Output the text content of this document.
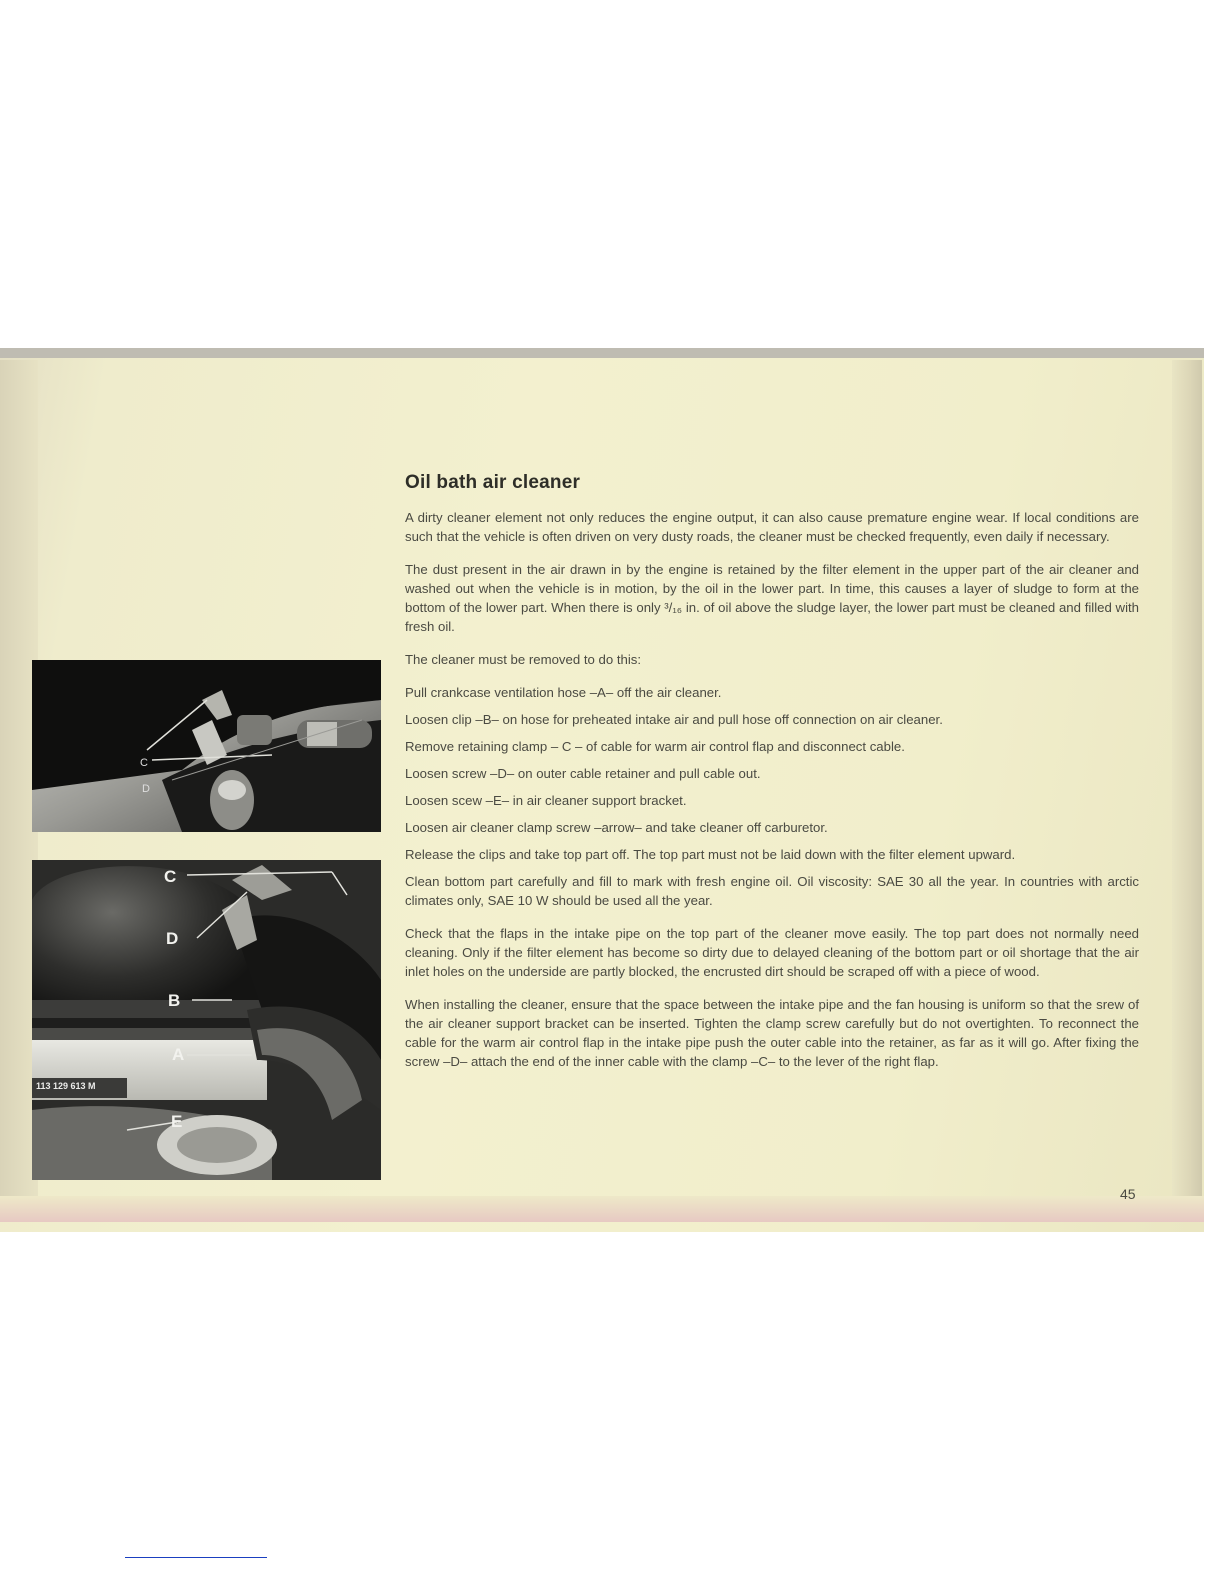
C
D
C
D
B
A
E
113 129 613 M
Oil bath air cleaner

A dirty cleaner element not only reduces the engine output, it can also cause premature engine wear. If local conditions are such that the vehicle is often driven on very dusty roads, the cleaner must be checked frequently, even daily if necessary.

The dust present in the air drawn in by the engine is retained by the filter element in the upper part of the air cleaner and washed out when the vehicle is in motion, by the oil in the lower part. In time, this causes a layer of sludge to form at the bottom of the lower part. When there is only ³/₁₆ in. of oil above the sludge layer, the lower part must be cleaned and filled with fresh oil.

The cleaner must be removed to do this:

Pull crankcase ventilation hose –A– off the air cleaner.

Loosen clip –B– on hose for preheated intake air and pull hose off connection on air cleaner.

Remove retaining clamp – C – of cable for warm air control flap and disconnect cable.

Loosen screw –D– on outer cable retainer and pull cable out.

Loosen scew –E– in air cleaner support bracket.

Loosen air cleaner clamp screw –arrow– and take cleaner off carburetor.

Release the clips and take top part off. The top part must not be laid down with the filter element upward.

Clean bottom part carefully and fill to mark with fresh engine oil. Oil viscosity: SAE 30 all the year. In countries with arctic climates only, SAE 10 W should be used all the year.

Check that the flaps in the intake pipe on the top part of the cleaner move easily. The top part does not normally need cleaning. Only if the filter element has become so dirty due to delayed cleaning of the bottom part or oil shortage that the air inlet holes on the underside are partly blocked, the encrusted dirt should be scraped off with a piece of wood.

When installing the cleaner, ensure that the space between the intake pipe and the fan housing is uniform so that the srew of the air cleaner support bracket can be inserted. Tighten the clamp screw carefully but do not overtighten. To reconnect the cable for the warm air control flap in the intake pipe push the outer cable into the retainer, as far as it will go. After fixing the screw –D– attach the end of the inner cable with the clamp –C– to the lever of the right flap.

45
